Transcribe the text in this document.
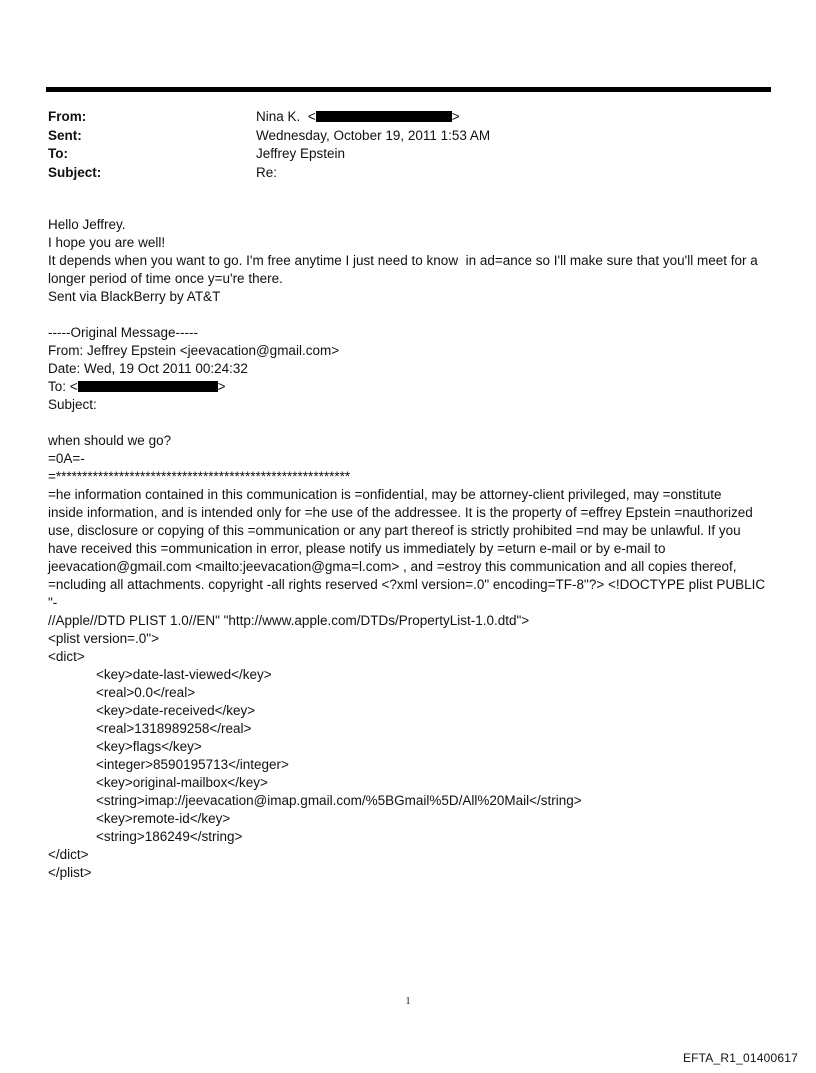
From:	Nina K. <	>
Sent:	Wednesday, October 19, 2011 1:53 AM
To:	Jeffrey Epstein
Subject:	Re:
Hello Jeffrey.
I hope you are well!
It depends when you want to go. I'm free anytime I just need to know  in ad=ance so I'll make sure that you'll meet for a
longer period of time once y=u're there.
Sent via BlackBerry by AT&T
-----Original Message-----
From: Jeffrey Epstein <jeevacation@gmail.com>
Date: Wed, 19 Oct 2011 00:24:32
To: <	>
Subject:
when should we go?
=0A=-
=********************************************************
=he information contained in this communication is =onfidential, may be attorney-client privileged, may =onstitute
inside information, and is intended only for =he use of the addressee. It is the property of =effrey Epstein =nauthorized
use, disclosure or copying of this =ommunication or any part thereof is strictly prohibited =nd may be unlawful. If you
have received this =ommunication in error, please notify us immediately by =eturn e-mail or by e-mail to
jeevacation@gmail.com <mailto:jeevacation@gma=l.com> , and =estroy this communication and all copies thereof,
=ncluding all attachments. copyright -all rights reserved <?xml version=.0" encoding=TF-8"?> <!DOCTYPE plist PUBLIC "-
//Apple//DTD PLIST 1.0//EN" "http://www.apple.com/DTDs/PropertyList-1.0.dtd">
<plist version=.0">
<dict>
<key>date-last-viewed</key>
<real>0.0</real>
<key>date-received</key>
<real>1318989258</real>
<key>flags</key>
<integer>8590195713</integer>
<key>original-mailbox</key>
<string>imap://jeevacation@imap.gmail.com/%5BGmail%5D/All%20Mail</string>
<key>remote-id</key>
<string>186249</string>
</dict>
</plist>
1
EFTA_R1_01400617
